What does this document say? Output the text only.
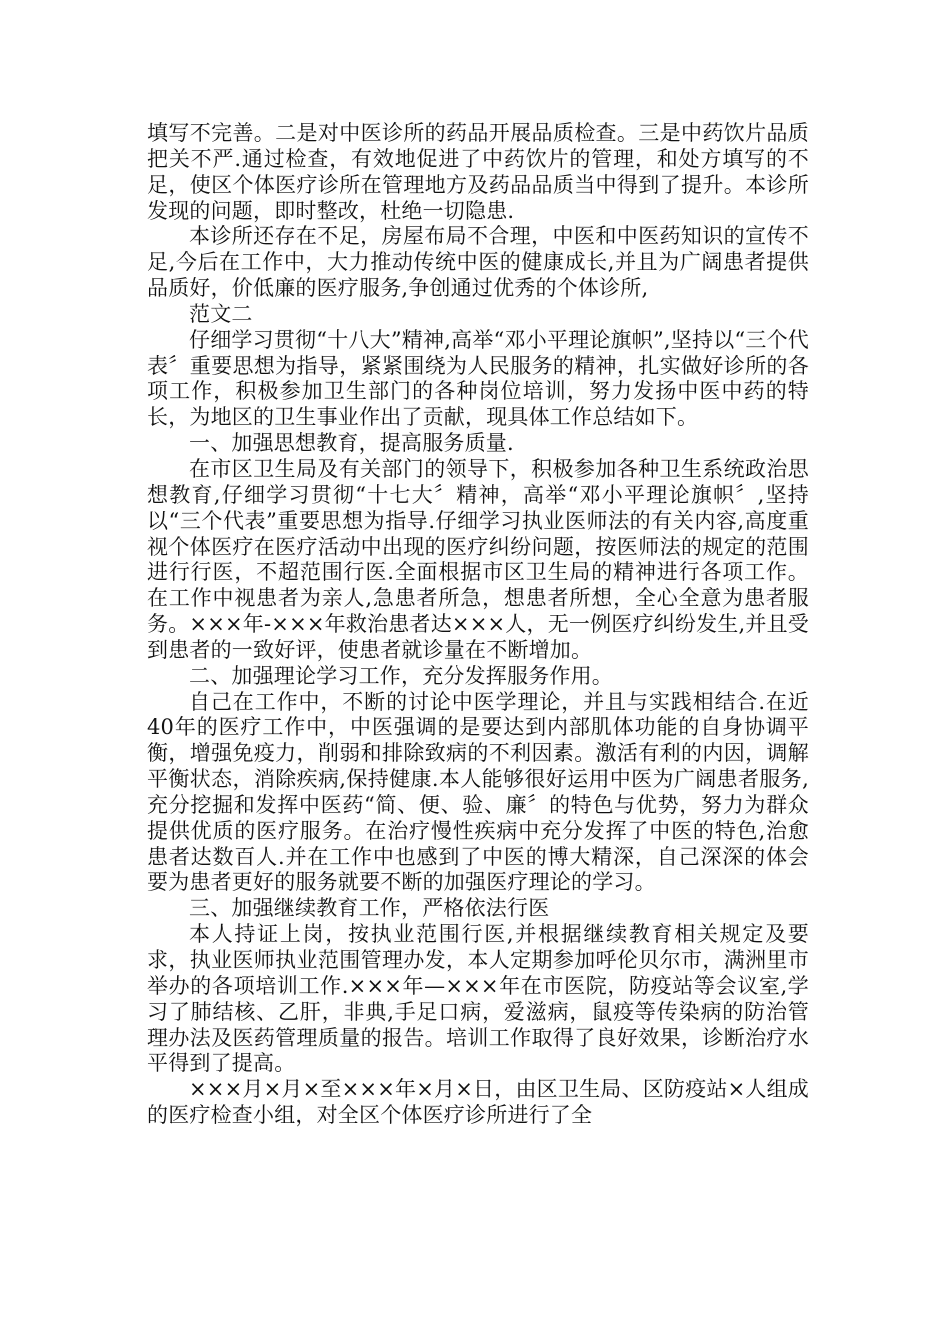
填写不完善。二是对中医诊所的药品开展品质检查。三是中药饮片品质把关不严.通过检查，有效地促进了中药饮片的管理，和处方填写的不足，使区个体医疗诊所在管理地方及药品品质当中得到了提升。本诊所发现的问题，即时整改，杜绝一切隐患.

本诊所还存在不足，房屋布局不合理，中医和中医药知识的宣传不足,今后在工作中，大力推动传统中医的健康成长,并且为广阔患者提供品质好，价低廉的医疗服务,争创通过优秀的个体诊所,

范文二

仔细学习贯彻“十八大”精神,高举“邓小平理论旗帜”,坚持以“三个代表〞重要思想为指导，紧紧围绕为人民服务的精神，扎实做好诊所的各项工作，积极参加卫生部门的各种岗位培训，努力发扬中医中药的特长，为地区的卫生事业作出了贡献，现具体工作总结如下。

一、加强思想教育，提高服务质量.

在市区卫生局及有关部门的领导下，积极参加各种卫生系统政治思想教育,仔细学习贯彻“十七大〞精神，高举“邓小平理论旗帜〞,坚持以“三个代表”重要思想为指导.仔细学习执业医师法的有关内容,高度重视个体医疗在医疗活动中出现的医疗纠纷问题，按医师法的规定的范围进行行医，不超范围行医.全面根据市区卫生局的精神进行各项工作。在工作中视患者为亲人,急患者所急，想患者所想，全心全意为患者服务。×××年-×××年救治患者达×××人，无一例医疗纠纷发生,并且受到患者的一致好评，使患者就诊量在不断增加。

二、加强理论学习工作，充分发挥服务作用。

自己在工作中，不断的讨论中医学理论，并且与实践相结合.在近40年的医疗工作中，中医强调的是要达到内部肌体功能的自身协调平衡，增强免疫力，削弱和排除致病的不利因素。激活有利的内因，调解平衡状态，消除疾病,保持健康.本人能够很好运用中医为广阔患者服务,充分挖掘和发挥中医药“简、便、验、廉〞的特色与优势，努力为群众提供优质的医疗服务。在治疗慢性疾病中充分发挥了中医的特色,治愈患者达数百人.并在工作中也感到了中医的博大精深，自己深深的体会要为患者更好的服务就要不断的加强医疗理论的学习。

三、加强继续教育工作，严格依法行医

本人持证上岗，按执业范围行医,并根据继续教育相关规定及要求，执业医师执业范围管理办发，本人定期参加呼伦贝尔市，满洲里市举办的各项培训工作.×××年—×××年在市医院，防疫站等会议室,学习了肺结核、乙肝，非典,手足口病，爱滋病，鼠疫等传染病的防治管理办法及医药管理质量的报告。培训工作取得了良好效果，诊断治疗水平得到了提高。

×××月×月×至×××年×月×日，由区卫生局、区防疫站×人组成的医疗检查小组，对全区个体医疗诊所进行了全
